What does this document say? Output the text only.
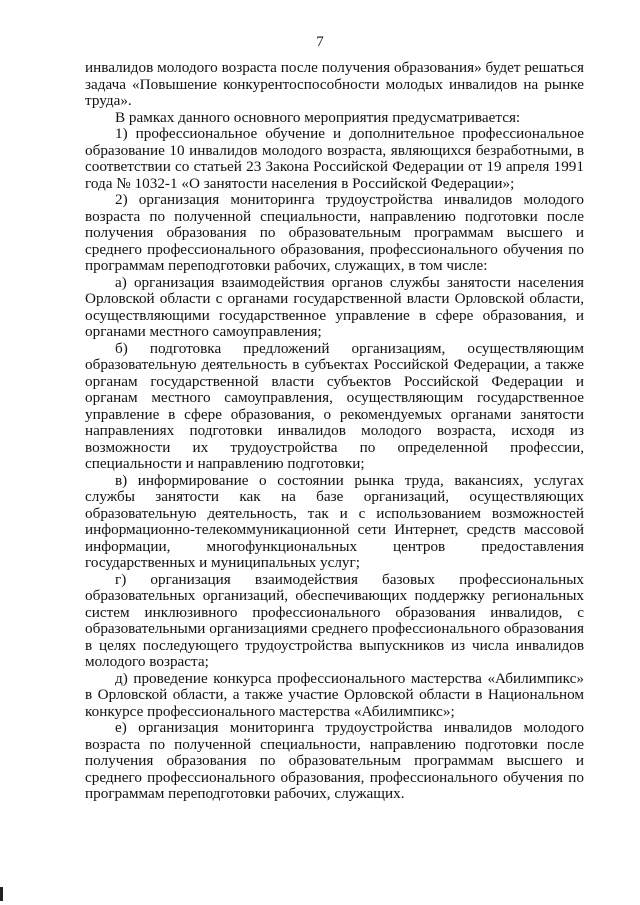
7

инвалидов молодого возраста после получения образования» будет решаться задача «Повышение конкурентоспособности молодых инвалидов на рынке труда».

В рамках данного основного мероприятия предусматривается:

1) профессиональное обучение и дополнительное профессиональное образование 10 инвалидов молодого возраста, являющихся безработными, в соответствии со статьей 23 Закона Российской Федерации от 19 апреля 1991 года № 1032-1 «О занятости населения в Российской Федерации»;

2) организация мониторинга трудоустройства инвалидов молодого возраста по полученной специальности, направлению подготовки после получения образования по образовательным программам высшего и среднего профессионального образования, профессионального обучения по программам переподготовки рабочих, служащих, в том числе:

а) организация взаимодействия органов службы занятости населения Орловской области с органами государственной власти Орловской области, осуществляющими государственное управление в сфере образования, и органами местного самоуправления;

б) подготовка предложений организациям, осуществляющим образовательную деятельность в субъектах Российской Федерации, а также органам государственной власти субъектов Российской Федерации и органам местного самоуправления, осуществляющим государственное управление в сфере образования, о рекомендуемых органами занятости направлениях подготовки инвалидов молодого возраста, исходя из возможности их трудоустройства по определенной профессии, специальности и направлению подготовки;

в) информирование о состоянии рынка труда, вакансиях, услугах службы занятости как на базе организаций, осуществляющих образовательную деятельность, так и с использованием возможностей информационно-телекоммуникационной сети Интернет, средств массовой информации, многофункциональных центров предоставления государственных и муниципальных услуг;

г) организация взаимодействия базовых профессиональных образовательных организаций, обеспечивающих поддержку региональных систем инклюзивного профессионального образования инвалидов, с образовательными организациями среднего профессионального образования в целях последующего трудоустройства выпускников из числа инвалидов молодого возраста;

д) проведение конкурса профессионального мастерства «Абилимпикс» в Орловской области, а также участие Орловской области в Национальном конкурсе профессионального мастерства «Абилимпикс»;

е) организация мониторинга трудоустройства инвалидов молодого возраста по полученной специальности, направлению подготовки после получения образования по образовательным программам высшего и среднего профессионального образования, профессионального обучения по программам переподготовки рабочих, служащих.
